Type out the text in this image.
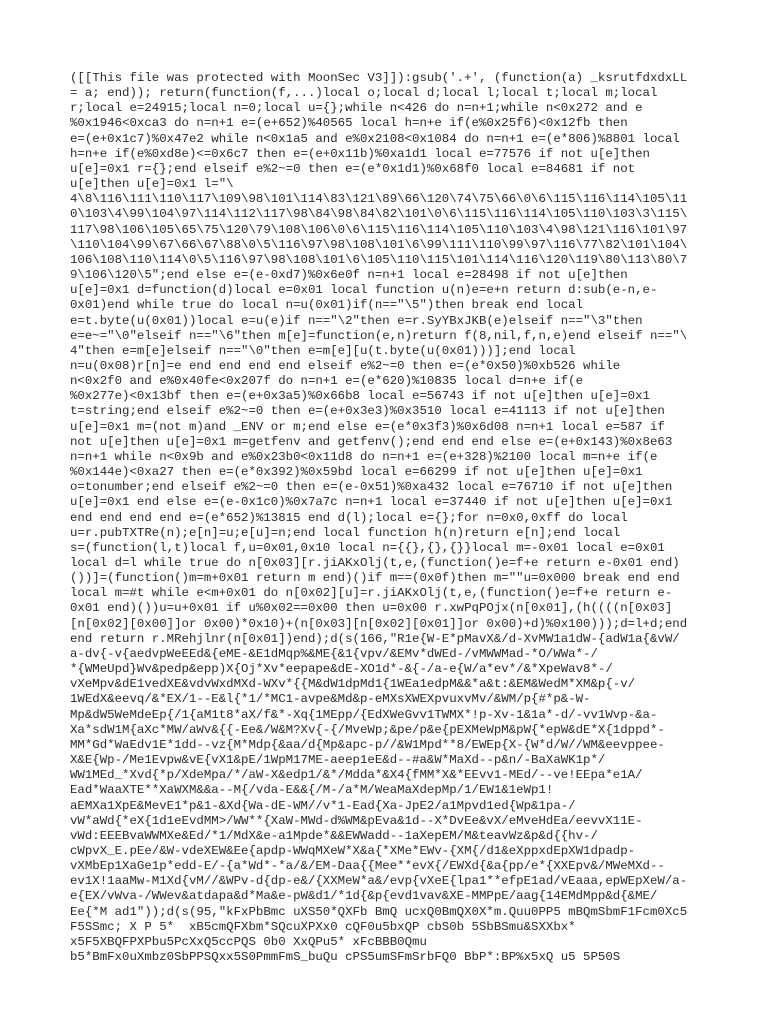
([[This file was protected with MoonSec V3]]):gsub('.+', (function(a) _ksrutfdxdxLL
= a; end)); return(function(f,...)local o;local d;local l;local t;local m;local
r;local e=24915;local n=0;local u={};while n<426 do n=n+1;while n<0x272 and e
%0x1946<0xca3 do n=n+1 e=(e+652)%40565 local h=n+e if(e%0x25f6)<0x12fb then
e=(e+0x1c7)%0x47e2 while n<0x1a5 and e%0x2108<0x1084 do n=n+1 e=(e*806)%8801 local
h=n+e if(e%0xd8e)<=0x6c7 then e=(e+0x11b)%0xa1d1 local e=77576 if not u[e]then
u[e]=0x1 r={};end elseif e%2~=0 then e=(e*0x1d1)%0x68f0 local e=84681 if not
u[e]then u[e]=0x1 l="\
4\8\116\111\110\117\109\98\101\114\83\121\89\66\120\74\75\66\0\6\115\116\114\105\11
0\103\4\99\104\97\114\112\117\98\84\98\84\82\101\0\6\115\116\114\105\110\103\3\115\
117\98\106\105\65\75\120\79\108\106\0\6\115\116\114\105\110\103\4\98\121\116\101\97
\110\104\99\67\66\67\88\0\5\116\97\98\108\101\6\99\111\110\99\97\116\77\82\101\104\
106\108\110\114\0\5\116\97\98\108\101\6\105\110\115\101\114\116\120\119\80\113\80\7
9\106\120\5";end else e=(e-0xd7)%0x6e0f n=n+1 local e=28498 if not u[e]then
u[e]=0x1 d=function(d)local e=0x01 local function u(n)e=e+n return d:sub(e-n,e-
0x01)end while true do local n=u(0x01)if(n=="\5")then break end local
e=t.byte(u(0x01))local e=u(e)if n=="\2"then e=r.SyYBxJKB(e)elseif n=="\3"then
e=e~="\0"elseif n=="\6"then m[e]=function(e,n)return f(8,nil,f,n,e)end elseif n=="\
4"then e=m[e]elseif n=="\0"then e=m[e][u(t.byte(u(0x01)))];end local
n=u(0x08)r[n]=e end end end end elseif e%2~=0 then e=(e*0x50)%0xb526 while
n<0x2f0 and e%0x40fe<0x207f do n=n+1 e=(e*620)%10835 local d=n+e if(e
%0x277e)<0x13bf then e=(e+0x3a5)%0x66b8 local e=56743 if not u[e]then u[e]=0x1
t=string;end elseif e%2~=0 then e=(e+0x3e3)%0x3510 local e=41113 if not u[e]then
u[e]=0x1 m=(not m)and _ENV or m;end else e=(e*0x3f3)%0x6d08 n=n+1 local e=587 if
not u[e]then u[e]=0x1 m=getfenv and getfenv();end end end else e=(e+0x143)%0x8e63
n=n+1 while n<0x9b and e%0x23b0<0x11d8 do n=n+1 e=(e+328)%2100 local m=n+e if(e
%0x144e)<0xa27 then e=(e*0x392)%0x59bd local e=66299 if not u[e]then u[e]=0x1
o=tonumber;end elseif e%2~=0 then e=(e-0x51)%0xa432 local e=76710 if not u[e]then
u[e]=0x1 end else e=(e-0x1c0)%0x7a7c n=n+1 local e=37440 if not u[e]then u[e]=0x1
end end end end e=(e*652)%13815 end d(l);local e={};for n=0x0,0xff do local
u=r.pubTXTRe(n);e[n]=u;e[u]=n;end local function h(n)return e[n];end local
s=(function(l,t)local f,u=0x01,0x10 local n={{},{},{}}local m=-0x01 local e=0x01
local d=l while true do n[0x03][r.jiAKxOlj(t,e,(function()e=f+e return e-0x01 end)
())]=(function()m=m+0x01 return m end)()if m==(0x0f)then m=""u=0x000 break end end
local m=#t while e<m+0x01 do n[0x02][u]=r.jiAKxOlj(t,e,(function()e=f+e return e-
0x01 end)())u=u+0x01 if u%0x02==0x00 then u=0x00 r.xwPqPOjx(n[0x01],(h((((n[0x03]
[n[0x02][0x00]]or 0x00)*0x10)+(n[0x03][n[0x02][0x01]]or 0x00)+d)%0x100)));d=l+d;end
end return r.MRehjlnr(n[0x01])end);d(s(166,"R1e{W-E*pMavX&/d-XvMW1a1dW-{adW1a{&vW/
a-dv{-v{aedvpWeEEd&{eME-&E1dMqp%&ME{&1{vpv/&EMv*dWEd-/vMWWMad-*O/WWa*-/
*{WMeUpd}Wv&pedp&epp)X{Oj*Xv*eepape&dE-XO1d*-&{-/a-e{W/a*ev*/&*XpeWav8*-/
vXeMpv&dE1vedXE&vdvWxdMXd-WXv*{{M&dW1dpMd1{1WEa1edpM&&*a&t:&EM&WedM*XM&p{-v/
1WEdX&eevq/&*EX/1--E&l{*1/*MC1-avpe&Md&p-eMXsXWEXpvuxvMv/&WM/p{#*p&-W-
Mp&dW5WeMdeEp{/1{aM1t8*aX/f&*-Xq{1MEpp/{EdXWeGvv1TWMX*!p-Xv-1&1a*-d/-vv1Wvp-&a-
Xa*sdW1M{aXc*MW/aWv&{{-Ee&/W&M?Xv{-{/MveWp;&pe/p&e{pEXMeWpM&pW{*epW&dE*X{1dppd*-
MM*Gd*WaEdv1E*1dd--vz{M*Mdp{&aa/d{Mp&apc-p//&W1Mpd**8/EWEp{X-{W*d/W//WM&eevppee-
X&E{Wp-/Me1Evpw&vE{vX1&pE/1WpM17ME-aeep1eE&d--#a&W*MaXd--p&n/-BaXaWK1p*/
WW1MEd_*Xvd{*p/XdeMpa/*/aW-X&edp1/&*/Mdda*&X4{fMM*X&*EEvv1-MEd/--ve!EEpa*e1A/
Ead*WaaXTE**XaWXM&&a--M{/vda-E&&{/M-/a*M/WeaMaXdepMp/1/EW1&1eWp1!
aEMXa1XpE&MevE1*p&1-&Xd{Wa-dE-WM//v*1-Ead{Xa-JpE2/a1Mpvd1ed{Wp&1pa-/
vW*aWd{*eX{1d1eEvdMM>/WW**{XaW-MWd-d%WM&pEva&1d--X*DvEe&vX/eMveHdEa/eevvX11E-
vWd:EEEBvaWWMXe&Ed/*1/MdX&e-a1Mpde*&&EWWadd--1aXepEM/M&teavWz&p&d{{hv-/
cWpvX_E.pEe/&W-vdeXEW&Ee{apdp-WWqMXeW*X&a{*XMe*EWv-{XM{/d1&eXppxdEpXW1dpadp-
vXMbEp1XaGe1p*edd-E/-{a*Wd*-*a/&/EM-Daa{{Mee**evX{/EWXd{&a{pp/e*{XXEpv&/MWeMXd--
ev1X!1aaMw-M1Xd{vM//&WPv-d{dp-e&/{XXMeW*a&/evp{vXeE{lpa1**efpE1ad/vEaaa,epWEpXeW/a-
e{EX/vWva-/WWev&atdapa&d*Ma&e-pW&d1/*1d{&p{evd1vav&XE-MMPpE/aag{14EMdMpp&d{&ME/
Ee{*M ad1"));d(s(95,"kFxPbBmc uXS50*QXFb BmQ ucxQ0BmQX0X*m.Quu0PP5 mBQmSbmF1Fcm0Xc5
F5SSmc; X P 5*  xB5cmQFXbm*SQcuXPXx0 cQF0u5bxQP cbS0b 5SbBSmu&SXXbx*
x5F5XBQFPXPbu5PcXxQ5ccPQS 0b0 XxQPu5* xFcBBB0Qmu
b5*BmFx0uXmbz0SbPPSQxx5S0PmmFmS_buQu cPS5umSFmSrbFQ0 BbP*:BP%x5xQ u5 5P50S
